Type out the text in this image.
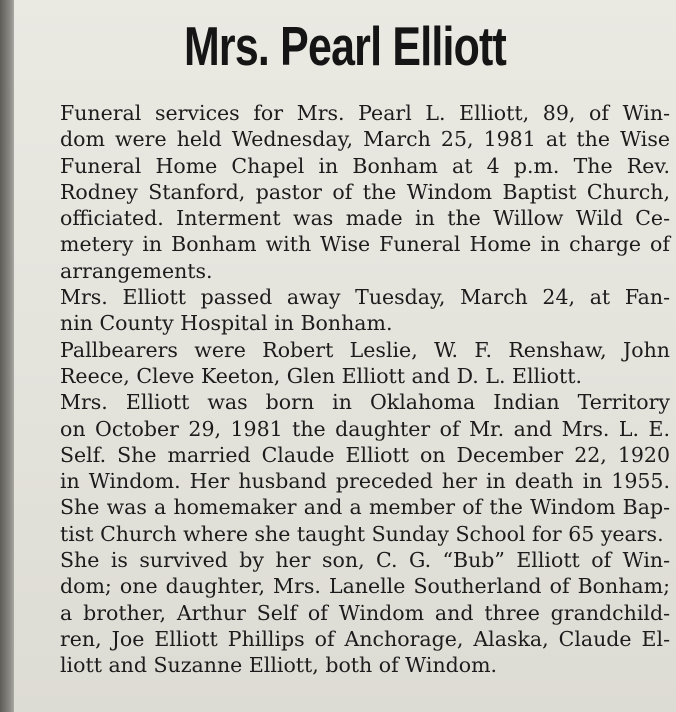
Mrs. Pearl Elliott

Funeral services for Mrs. Pearl L. Elliott, 89, of Win-
dom were held Wednesday, March 25, 1981 at the Wise
Funeral Home Chapel in Bonham at 4 p.m. The Rev.
Rodney Stanford, pastor of the Windom Baptist Church,
officiated. Interment was made in the Willow Wild Ce-
metery in Bonham with Wise Funeral Home in charge of
arrangements.

Mrs. Elliott passed away Tuesday, March 24, at Fan-
nin County Hospital in Bonham.

Pallbearers were Robert Leslie, W. F. Renshaw, John
Reece, Cleve Keeton, Glen Elliott and D. L. Elliott.

Mrs. Elliott was born in Oklahoma Indian Territory
on October 29, 1981 the daughter of Mr. and Mrs. L. E.
Self. She married Claude Elliott on December 22, 1920
in Windom. Her husband preceded her in death in 1955.
She was a homemaker and a member of the Windom Bap-
tist Church where she taught Sunday School for 65 years.

She is survived by her son, C. G. “Bub” Elliott of Win-
dom; one daughter, Mrs. Lanelle Southerland of Bonham;
a brother, Arthur Self of Windom and three grandchild-
ren, Joe Elliott Phillips of Anchorage, Alaska, Claude El-
liott and Suzanne Elliott, both of Windom.
